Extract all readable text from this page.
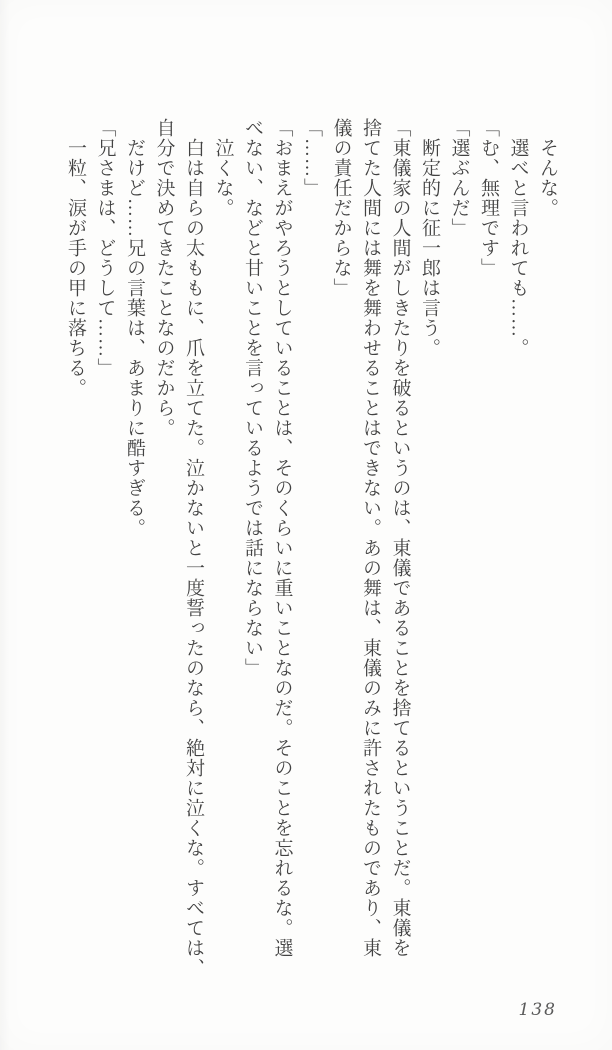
そんな。
選べと言われても……。
「む、無理です」
「選ぶんだ」
断定的に征一郎は言う。
「東儀家の人間がしきたりを破るというのは、東儀であることを捨てるということだ。東儀を
捨てた人間には舞を舞わせることはできない。あの舞は、東儀のみに許されたものであり、東
儀の責任だからな」
「……」
「おまえがやろうとしていることは、そのくらいに重いことなのだ。そのことを忘れるな。選
べない、などと甘いことを言っているようでは話にならない」
泣くな。
白は自らの太ももに、爪を立てた。泣かないと一度誓ったのなら、絶対に泣くな。すべては、
自分で決めてきたことなのだから。
だけど……兄の言葉は、あまりに酷すぎる。
「兄さまは、どうして……」
一粒、涙が手の甲に落ちる。
138
